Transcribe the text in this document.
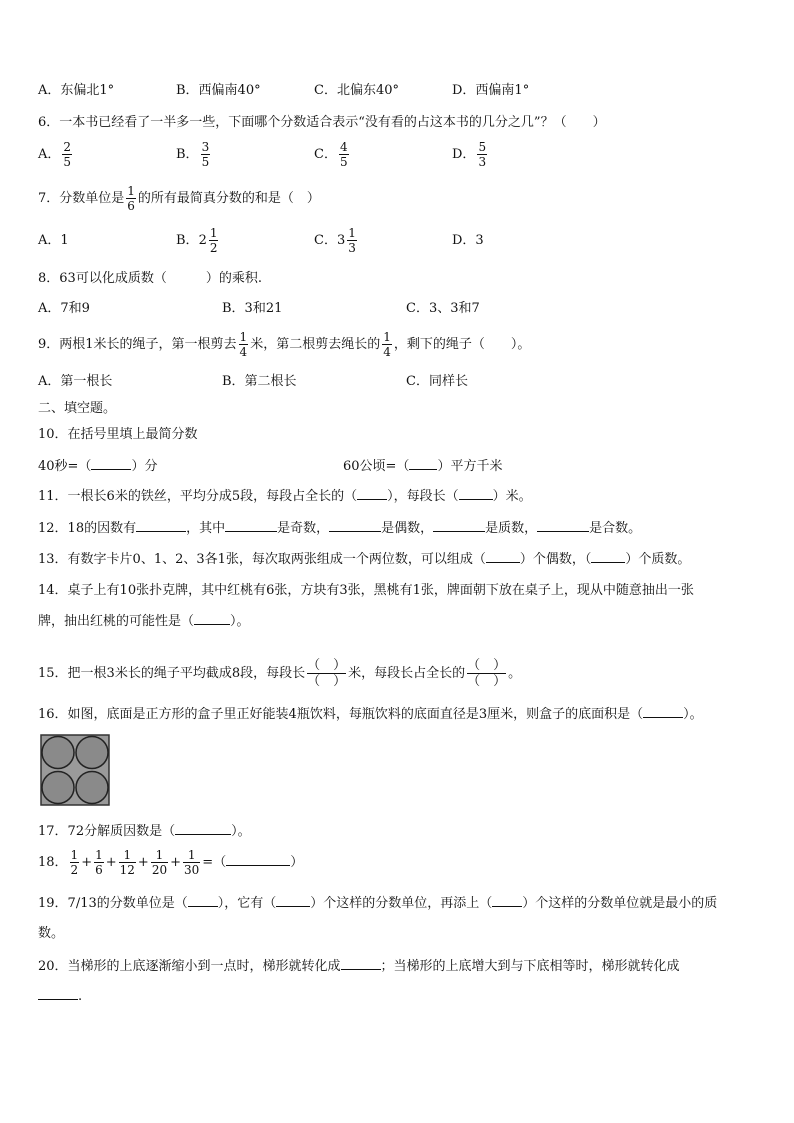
A．东偏北1°	B．西偏南40°	C．北偏东40°	D．西偏南1°
6．一本书已经看了一半多一些，下面哪个分数适合表示“没有看的占这本书的几分之几”？（　　）
A． $\frac{2}{5}$	B． $\frac{3}{5}$	C． $\frac{4}{5}$	D． $\frac{5}{3}$
7．分数单位是 $\frac{1}{6}$ 的所有最简真分数的和是（　）
A．1	B． $2 \frac{1}{2}$	C． $3 \frac{1}{3}$	D．3
8．63可以化成质数（　　　）的乘积.
A．7和9	B．3和21	C．3、3和7
9．两根1米长的绳子，第一根剪去 $\frac{1}{4}$ 米，第二根剪去绳长的 $\frac{1}{4}$ ，剩下的绳子（　　）。
A．第一根长	B．第二根长	C．同样长
二、填空题。
10．在括号里填上最简分数
40秒=（	）分	60公顷=（ ）平方千米
11．一根长6米的铁丝，平均分成5段，每段占全长的（ ），每段长（	）米。
12．18的因数有	，其中	是奇数，	是偶数，	是质数，	是合数。
13．有数字卡片0、1、2、3各1张，每次取两张组成一个两位数，可以组成（	）个偶数，（	）个质数。
14．桌子上有10张扑克牌，其中红桃有6张，方块有3张，黑桃有1张，牌面朝下放在桌子上，现从中随意抽出一张
牌，抽出红桃的可能性是（	）。
15．把一根3米长的绳子平均截成8段，每段长
（　）
（　）
米，每段长占全长的
（　）
（　）
。
16．如图，底面是正方形的盒子里正好能装4瓶饮料，每瓶饮料的底面直径是3厘米，则盒子的底面积是（	）。
17．72分解质因数是（	）。
18． $\frac{1}{2} + \frac{1}{6} + \frac{1}{12} + \frac{1}{20} + \frac{1}{30}$ =（	）
19．7/13的分数单位是（ ），它有（	）个这样的分数单位，再添上（ ）个这样的分数单位就是最小的质
数。
20．当梯形的上底逐渐缩小到一点时，梯形就转化成	；当梯形的上底增大到与下底相等时，梯形就转化成
.
